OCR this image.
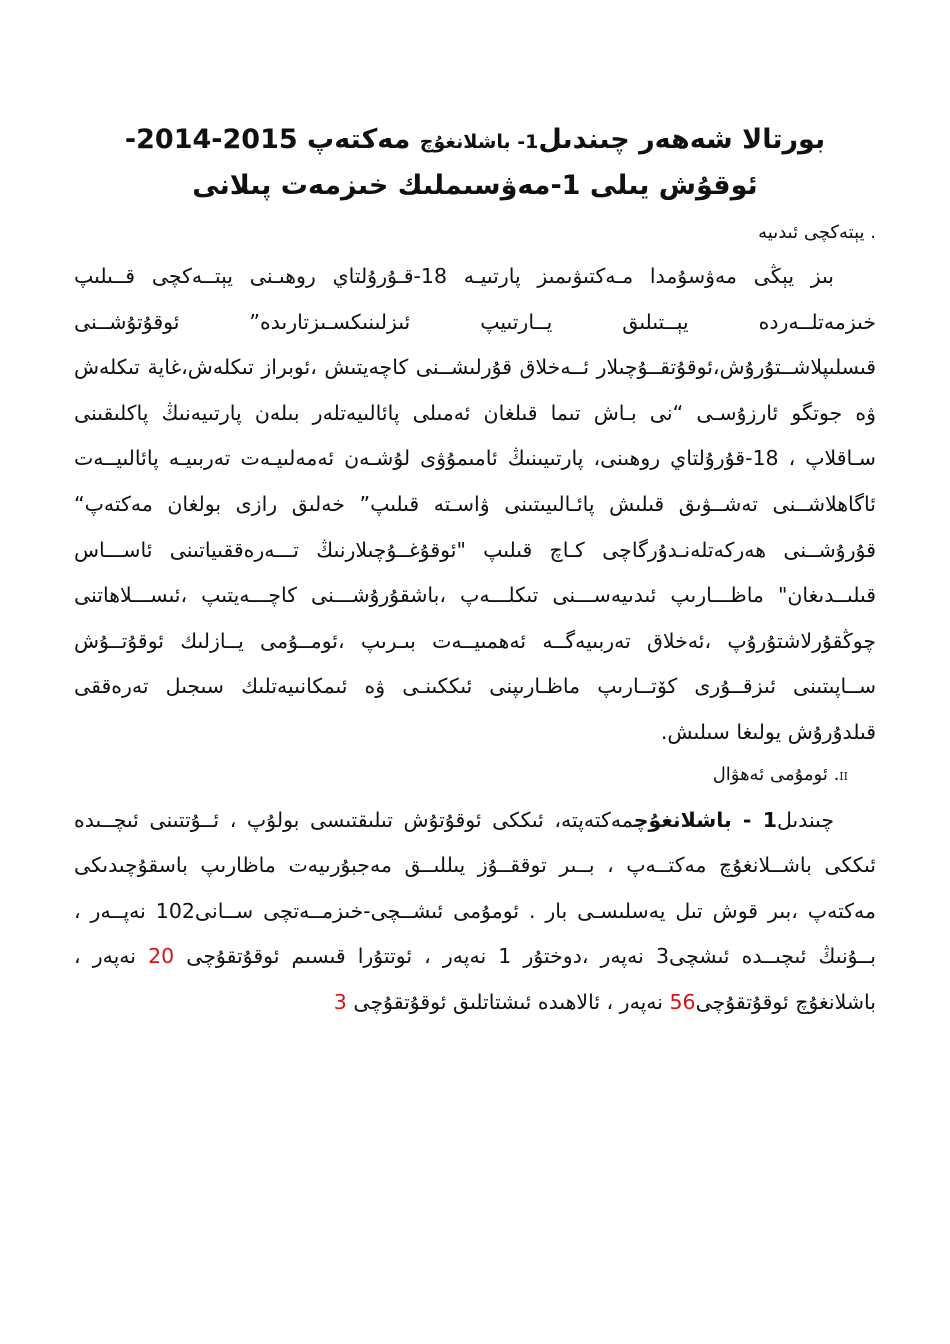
بورتالا شەھەر چىندىل1- باشلانغۇچ مەكتەپ 2015-2014-
ئوقۇش يىلى 1-مەۋسىملىك خىزمەت پىلانى
. يېتەكچى ئىدىيە

بىز يېڭى مەۋسۇمدا مـەكتىۋىمىز پارتىيـە 18-قـۇرۇلتاي روھىـنى يېتــەكچى قــىلىپ خىزمەتلــەردە يېــتىلىق يــارتىيپ ئىزلىنىكسـىزتارىدە” ئوقۇتۇشــنى قىسلىپلاشــتۇرۇش،ئوقۇتقــۇچىلار ئــەخلاق قۇرلىشــنى كاچەيتىش ،ئوبراز تىكلەش،غاية تىكلەش ۋە جوتگو ئارزۇسـى “نى بـاش تىما قىلغان ئەمىلى پائالىيەتلەر بىلەن پارتىيەنىڭ پاكلىقىنى سـاقلاپ ، 18-قۇرۇلتاي روھىنى، پارتىيىنىڭ ئامىمۇۋى لۇشـەن ئەمەلىيـەت تەربىيـە پائالىيــەت ئاگاھلاشــنى تەشــۋىق قىلىش پائـالىيىتىنى ۋاسـتە قىلىپ” خەلىق رازى بولغان مەكتەپ“ قۇرۇشــنى ھەركەتلەنـدۇرگاچى كـاچ قىلىپ "ئوقۇغــۇچىلارنىڭ تـــەرەققىياتىنى ئاســـاس قىلىــدىغان" ماظـــارىپ ئىدىيەســـنى تىكلـــەپ ،باشقۇرۇشـــنى كاچـــەيتىپ ،ئىســـلاھاتنى چوڭقۇرلاشتۇرۇپ ،ئەخلاق تەربىيەگــە ئەھمىيــەت بىـرىپ ،ئومــۇمى يــازلىك ئوقۇتــۇش ســاپىتىنى ئىزقــۇرى كۆتــارىپ ماظـارىپنى ئىككىنـى ۋە ئىمكانىيەتلىك سىجىل تەرەققى قىلدۇرۇش يولىغا سىلىش.

II. ئومۇمى ئەھۋال

چىندىل1 - باشلانغۇچمەكتەپتە، ئىككى ئوقۇتۇش تىلىقتىسى بولۇپ ، ئــۇتتىنى ئىچــىدە ئىككى باشــلانغۇچ مەكتــەپ ، بــىر توققــۇز يىللىــق مەجبۇرىيەت ماظارىپ باسقۇچىدىكى مەكتەپ ،بىر قوش تىل يەسلىسـى بار . ئومۇمى ئىشــچى-خىزمــەتچى ســانى102 نەپــەر ، بــۇنىڭ ئىچىــدە ئىشچى3 نەپەر ،دوختۇر 1 نەپەر ، ئوتتۇرا قىسىم ئوقۇتقۇچى 20 نەپەر ، باشلانغۇچ ئوقۇتقۇچى56 نەپەر ، ئالاھىدە ئىشتاتلىق ئوقۇتقۇچى 3
